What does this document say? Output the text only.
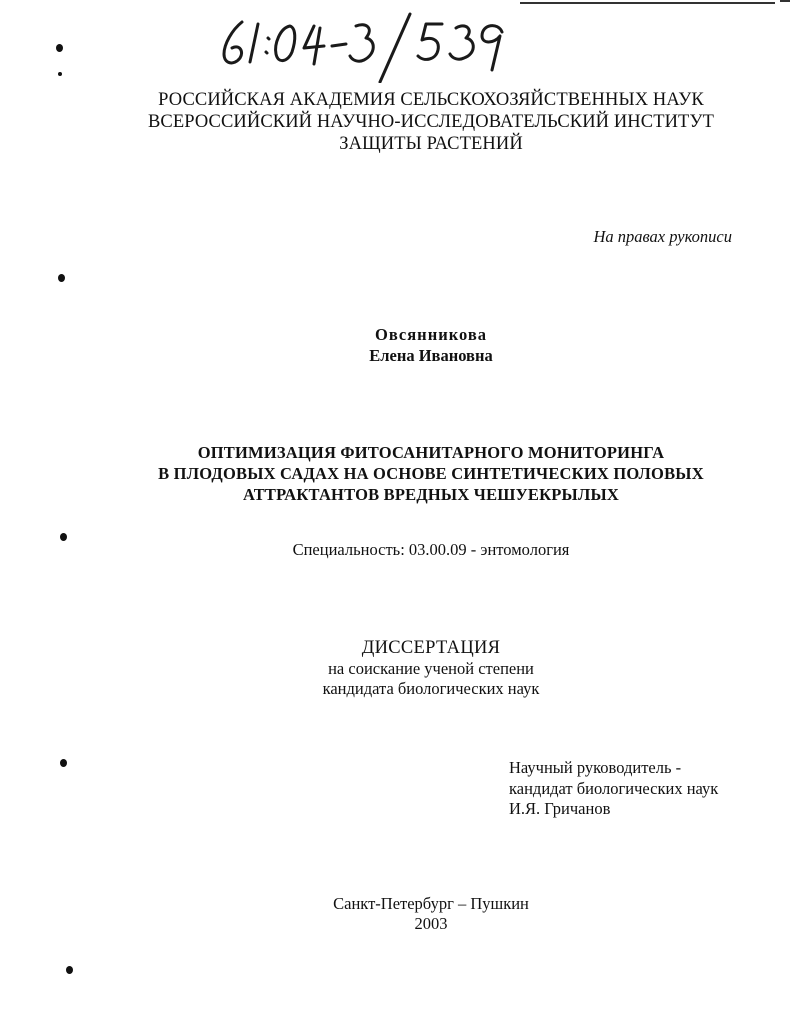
РОССИЙСКАЯ АКАДЕМИЯ СЕЛЬСКОХОЗЯЙСТВЕННЫХ НАУК
ВСЕРОССИЙСКИЙ НАУЧНО-ИССЛЕДОВАТЕЛЬСКИЙ ИНСТИТУТ
ЗАЩИТЫ РАСТЕНИЙ
На правах рукописи
Овсянникова
Елена Ивановна
ОПТИМИЗАЦИЯ ФИТОСАНИТАРНОГО МОНИТОРИНГА
В ПЛОДОВЫХ САДАХ НА ОСНОВЕ СИНТЕТИЧЕСКИХ ПОЛОВЫХ
АТТРАКТАНТОВ ВРЕДНЫХ ЧЕШУЕКРЫЛЫХ
Специальность: 03.00.09 - энтомология
ДИССЕРТАЦИЯ
на соискание ученой степени
кандидата биологических наук
Научный руководитель -
кандидат биологических наук
И.Я. Гричанов
Санкт-Петербург – Пушкин
2003
